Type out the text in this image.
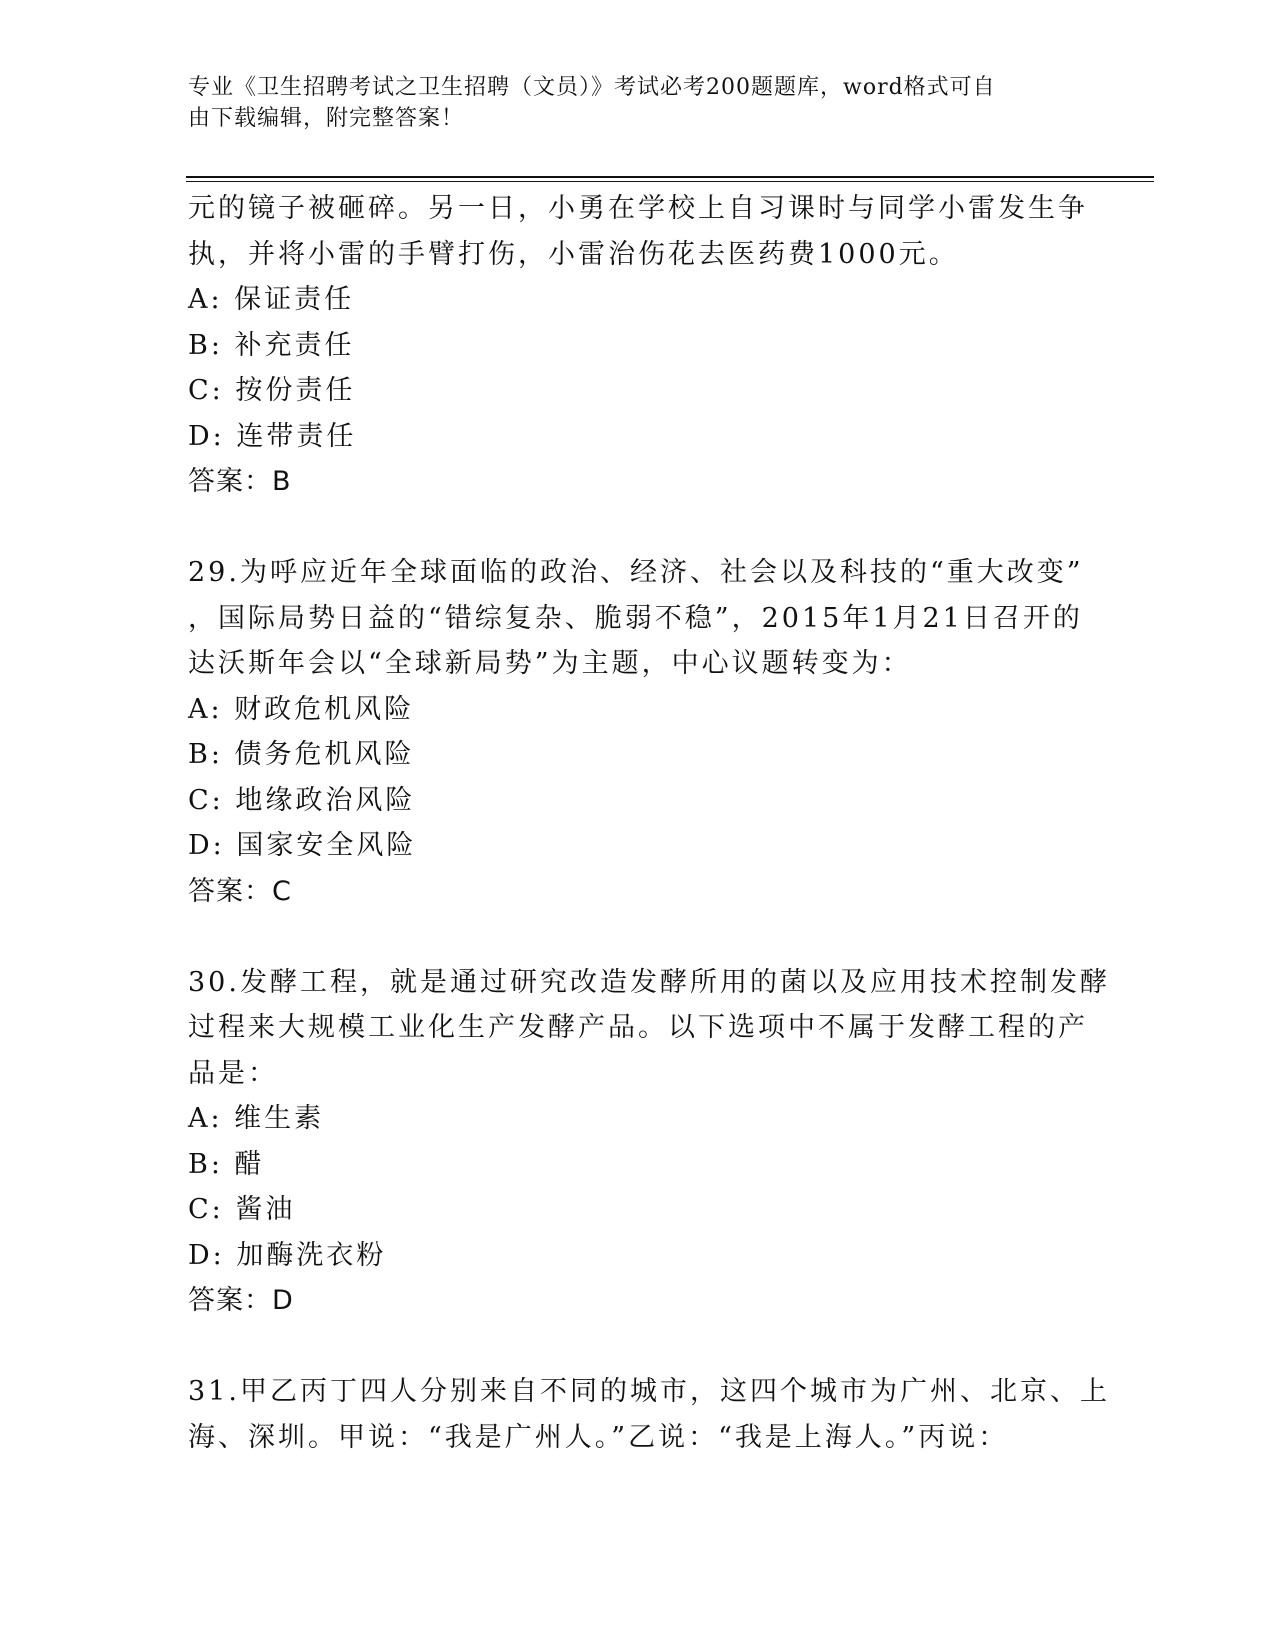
专业《卫生招聘考试之卫生招聘（文员）》考试必考200题题库，word格式可自
由下载编辑，附完整答案！
元的镜子被砸碎。另一日，小勇在学校上自习课时与同学小雷发生争
执，并将小雷的手臂打伤，小雷治伤花去医药费1000元。
A: 保证责任
B: 补充责任
C: 按份责任
D: 连带责任
答案：B
29.为呼应近年全球面临的政治、经济、社会以及科技的“重大改变”
，国际局势日益的“错综复杂、脆弱不稳”，2015年1月21日召开的
达沃斯年会以“全球新局势”为主题，中心议题转变为：
A: 财政危机风险
B: 债务危机风险
C: 地缘政治风险
D: 国家安全风险
答案：C
30.发酵工程，就是通过研究改造发酵所用的菌以及应用技术控制发酵
过程来大规模工业化生产发酵产品。以下选项中不属于发酵工程的产
品是：
A: 维生素
B: 醋
C: 酱油
D: 加酶洗衣粉
答案：D
31.甲乙丙丁四人分别来自不同的城市，这四个城市为广州、北京、上
海、深圳。甲说：“我是广州人。”乙说：“我是上海人。”丙说：
